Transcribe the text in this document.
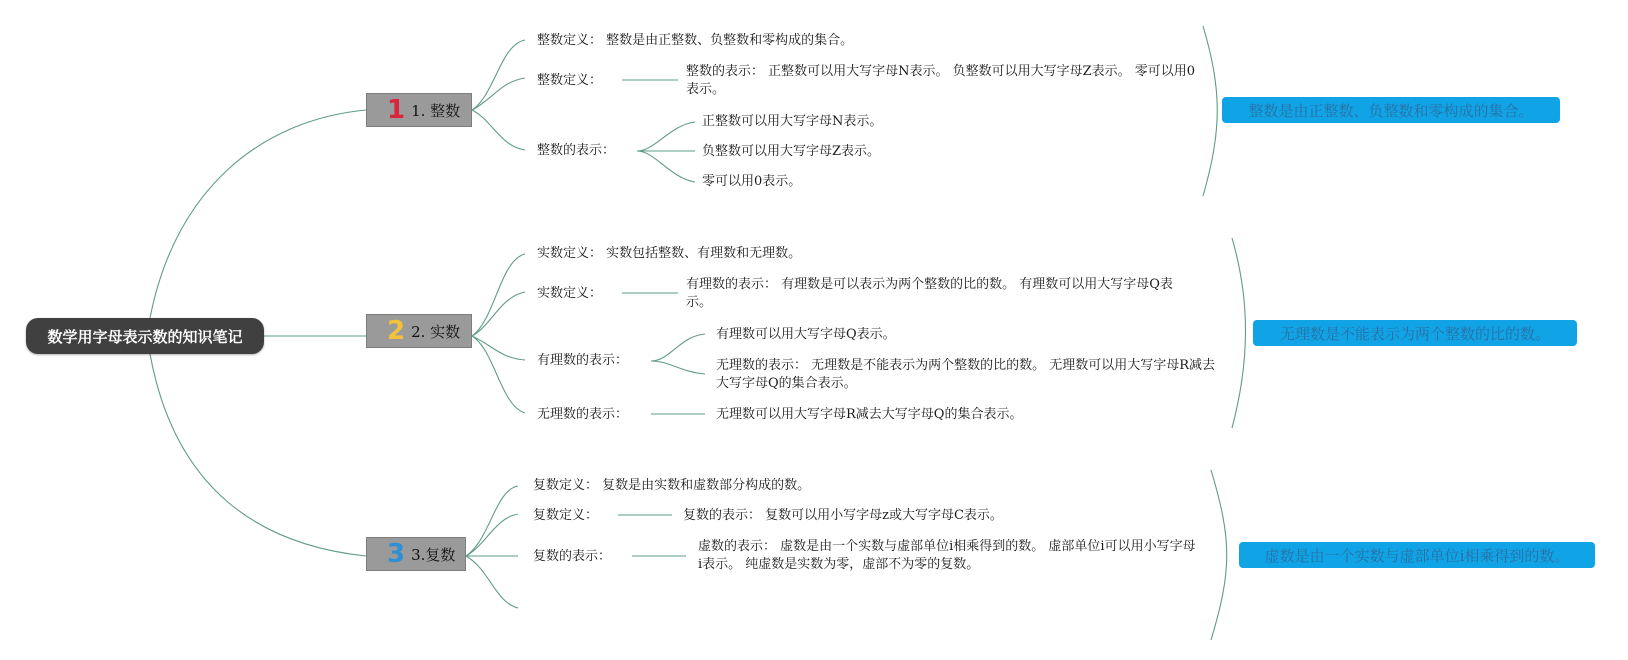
数学用字母表示数的知识笔记
1 1. 整数
整数定义： 整数是由正整数、负整数和零构成的集合。
整数定义：
整数的表示： 正整数可以用大写字母N表示。 负整数可以用大写字母Z表示。 零可以用0表示。
整数的表示：
正整数可以用大写字母N表示。
负整数可以用大写字母Z表示。
零可以用0表示。
整数是由正整数、负整数和零构成的集合。
2 2. 实数
实数定义： 实数包括整数、有理数和无理数。
实数定义：
有理数的表示： 有理数是可以表示为两个整数的比的数。 有理数可以用大写字母Q表示。
有理数的表示：
有理数可以用大写字母Q表示。
无理数的表示： 无理数是不能表示为两个整数的比的数。 无理数可以用大写字母R减去大写字母Q的集合表示。
无理数的表示：	无理数可以用大写字母R减去大写字母Q的集合表示。
无理数是不能表示为两个整数的比的数。
3 3.复数
复数定义： 复数是由实数和虚数部分构成的数。
复数定义：	复数的表示： 复数可以用小写字母z或大写字母C表示。
复数的表示：
虚数的表示： 虚数是由一个实数与虚部单位i相乘得到的数。 虚部单位i可以用小写字母i表示。 纯虚数是实数为零，虚部不为零的复数。	虚数是由一个实数与虚部单位i相乘得到的数。
